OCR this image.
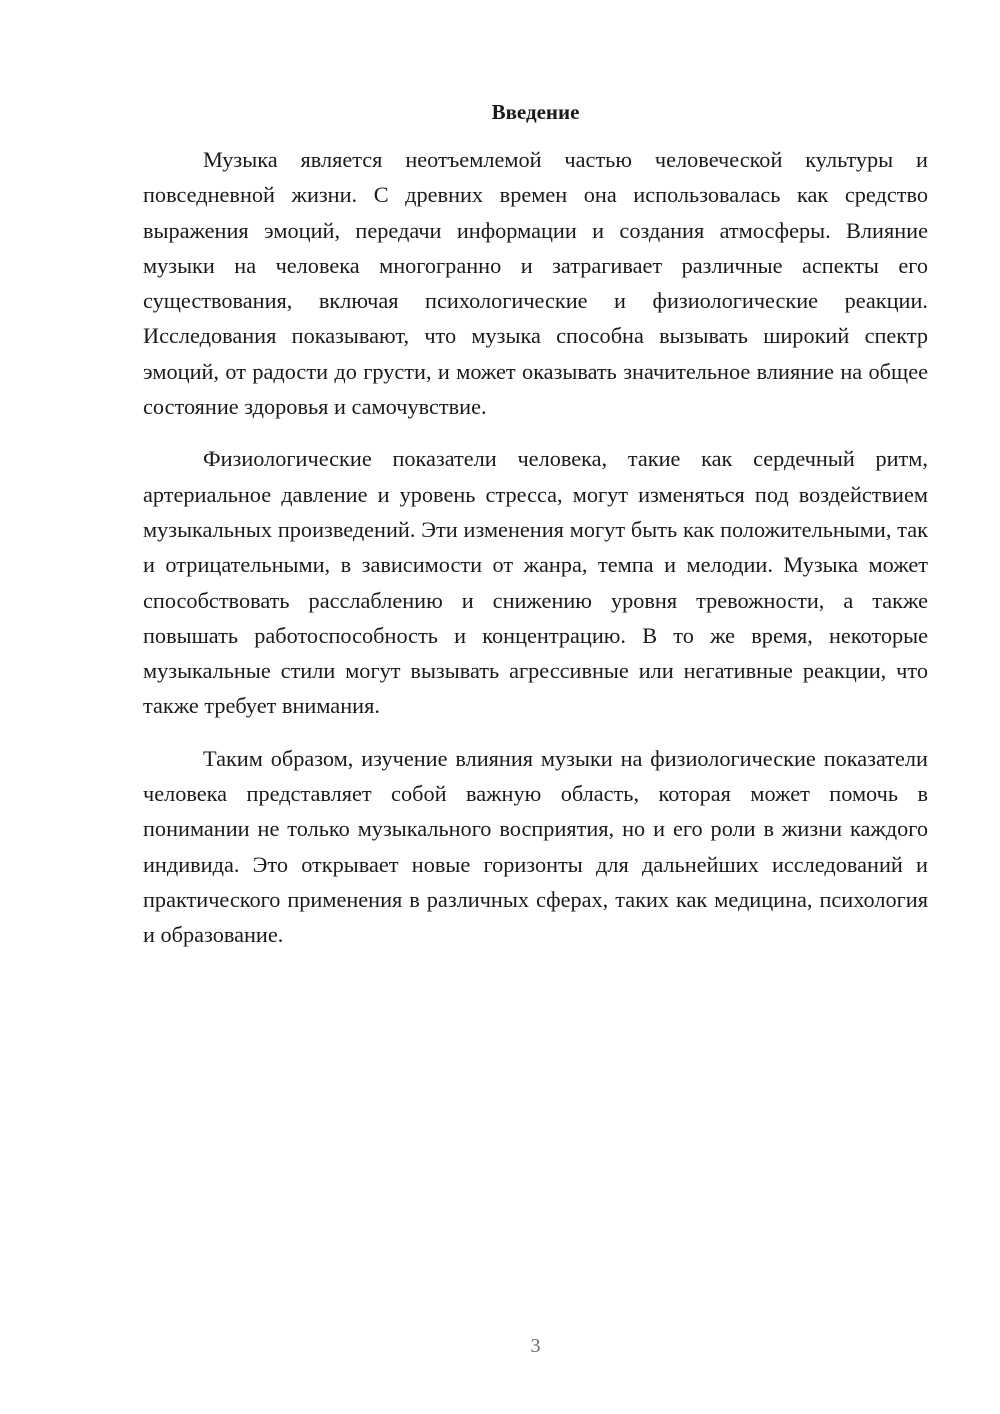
Введение

Музыка является неотъемлемой частью человеческой культуры и повседневной жизни. С древних времен она использовалась как средство выражения эмоций, передачи информации и создания атмосферы. Влияние музыки на человека многогранно и затрагивает различные аспекты его существования, включая психологические и физиологические реакции. Исследования показывают, что музыка способна вызывать широкий спектр эмоций, от радости до грусти, и может оказывать значительное влияние на общее состояние здоровья и самочувствие.

Физиологические показатели человека, такие как сердечный ритм, артериальное давление и уровень стресса, могут изменяться под воздействием музыкальных произведений. Эти изменения могут быть как положительными, так и отрицательными, в зависимости от жанра, темпа и мелодии. Музыка может способствовать расслаблению и снижению уровня тревожности, а также повышать работоспособность и концентрацию. В то же время, некоторые музыкальные стили могут вызывать агрессивные или негативные реакции, что также требует внимания.

Таким образом, изучение влияния музыки на физиологические показатели человека представляет собой важную область, которая может помочь в понимании не только музыкального восприятия, но и его роли в жизни каждого индивида. Это открывает новые горизонты для дальнейших исследований и практического применения в различных сферах, таких как медицина, психология и образование.

3
